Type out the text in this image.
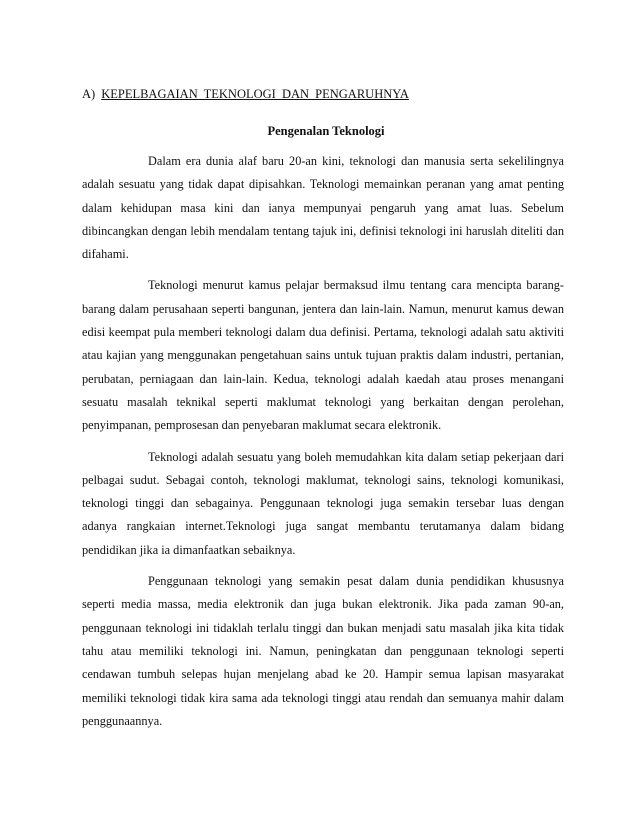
A) KEPELBAGAIAN TEKNOLOGI DAN PENGARUHNYA
Pengenalan Teknologi

Dalam era dunia alaf baru 20-an kini, teknologi dan manusia serta sekelilingnya adalah sesuatu yang tidak dapat dipisahkan. Teknologi memainkan peranan yang amat penting dalam kehidupan masa kini dan ianya mempunyai pengaruh yang amat luas. Sebelum dibincangkan dengan lebih mendalam tentang tajuk ini, definisi teknologi ini haruslah diteliti dan difahami.

Teknologi menurut kamus pelajar bermaksud ilmu tentang cara mencipta barang-barang dalam perusahaan seperti bangunan, jentera dan lain-lain. Namun, menurut kamus dewan edisi keempat pula memberi teknologi dalam dua definisi. Pertama, teknologi adalah satu aktiviti atau kajian yang menggunakan pengetahuan sains untuk tujuan praktis dalam industri, pertanian, perubatan, perniagaan dan lain-lain. Kedua, teknologi adalah kaedah atau proses menangani sesuatu masalah teknikal seperti maklumat teknologi yang berkaitan dengan perolehan, penyimpanan, pemprosesan dan penyebaran maklumat secara elektronik.

Teknologi adalah sesuatu yang boleh memudahkan kita dalam setiap pekerjaan dari pelbagai sudut. Sebagai contoh, teknologi maklumat, teknologi sains, teknologi komunikasi, teknologi tinggi dan sebagainya. Penggunaan teknologi juga semakin tersebar luas dengan adanya rangkaian internet.Teknologi juga sangat membantu terutamanya dalam bidang pendidikan jika ia dimanfaatkan sebaiknya.

Penggunaan teknologi yang semakin pesat dalam dunia pendidikan khususnya seperti media massa, media elektronik dan juga bukan elektronik. Jika pada zaman 90-an, penggunaan teknologi ini tidaklah terlalu tinggi dan bukan menjadi satu masalah jika kita tidak tahu atau memiliki teknologi ini. Namun, peningkatan dan penggunaan teknologi seperti cendawan tumbuh selepas hujan menjelang abad ke 20. Hampir semua lapisan masyarakat memiliki teknologi tidak kira sama ada teknologi tinggi atau rendah dan semuanya mahir dalam penggunaannya.
